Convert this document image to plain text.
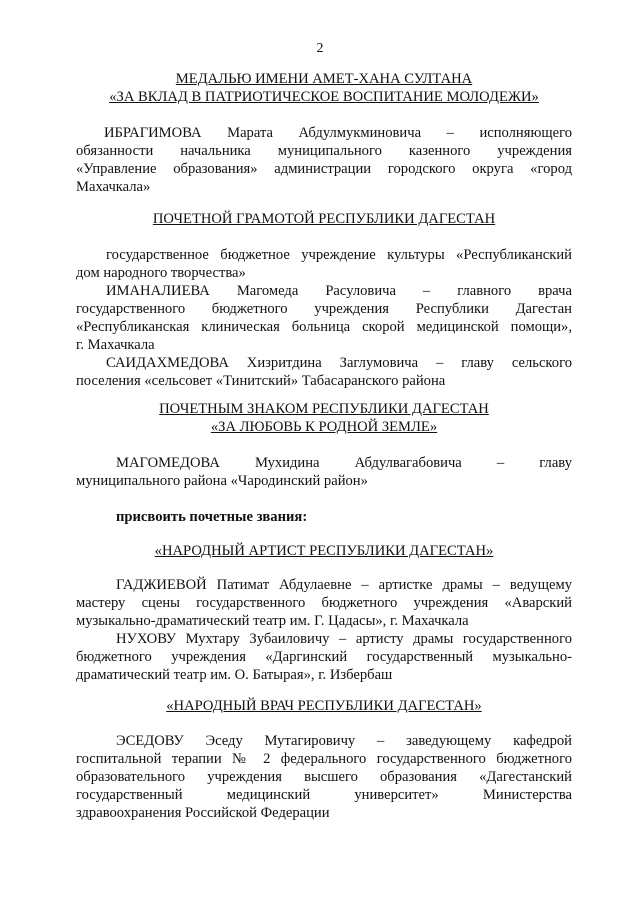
2
МЕДАЛЬЮ ИМЕНИ АМЕТ-ХАНА СУЛТАНА
«ЗА ВКЛАД В ПАТРИОТИЧЕСКОЕ ВОСПИТАНИЕ МОЛОДЕЖИ»
ИБРАГИМОВА Марата Абдулмукминовича – исполняющего
обязанности начальника муниципального казенного учреждения
«Управление образования» администрации городского округа «город
Махачкала»
ПОЧЕТНОЙ ГРАМОТОЙ РЕСПУБЛИКИ ДАГЕСТАН
государственное бюджетное учреждение культуры «Республиканский
дом народного творчества»
ИМАНАЛИЕВА Магомеда Расуловича – главного врача
государственного бюджетного учреждения Республики Дагестан
«Республиканская клиническая больница скорой медицинской помощи»,
г. Махачкала
САИДАХМЕДОВА Хизритдина Заглумовича – главу сельского
поселения «сельсовет «Тинитский» Табасаранского района
ПОЧЕТНЫМ ЗНАКОМ РЕСПУБЛИКИ ДАГЕСТАН
«ЗА ЛЮБОВЬ К РОДНОЙ ЗЕМЛЕ»
МАГОМЕДОВА Мухидина Абдулвагабовича – главу
муниципального района «Чародинский район»
присвоить почетные звания:
«НАРОДНЫЙ АРТИСТ РЕСПУБЛИКИ ДАГЕСТАН»
ГАДЖИЕВОЙ Патимат Абдулаевне – артистке драмы – ведущему
мастеру сцены государственного бюджетного учреждения «Аварский
музыкально-драматический театр им. Г. Цадасы», г. Махачкала
НУХОВУ Мухтару Зубаиловичу – артисту драмы государственного
бюджетного учреждения «Даргинский государственный музыкально-
драматический театр им. О. Батырая», г. Избербаш
«НАРОДНЫЙ ВРАЧ РЕСПУБЛИКИ ДАГЕСТАН»
ЭСЕДОВУ Эседу Мутагировичу – заведующему кафедрой
госпитальной терапии № 2 федерального государственного бюджетного
образовательного учреждения высшего образования «Дагестанский
государственный медицинский университет» Министерства
здравоохранения Российской Федерации
